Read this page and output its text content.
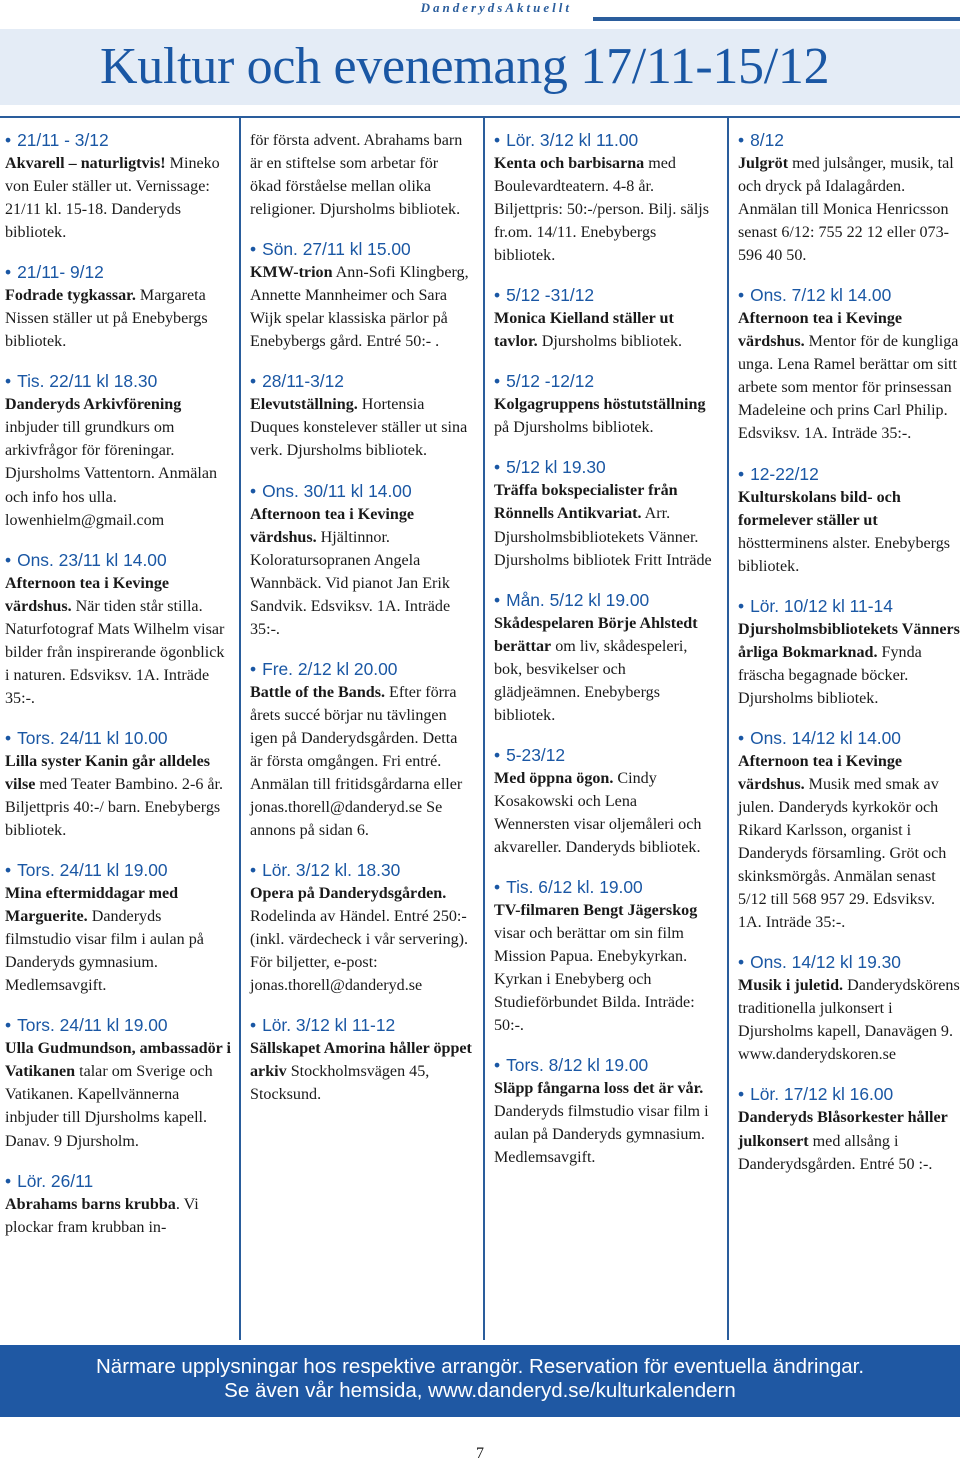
DanderydsAktuellt
Kultur och evenemang 17/11-15/12
• 21/11 - 3/12
Akvarell – naturligtvis! Mineko von Euler ställer ut. Vernissage: 21/11 kl. 15-18. Danderyds bibliotek.
• 21/11- 9/12
Fodrade tygkassar. Margareta Nissen ställer ut på Enebybergs bibliotek.
• Tis. 22/11 kl 18.30
Danderyds Arkivförening inbjuder till grundkurs om arkivfrågor för föreningar. Djursholms Vattentorn. Anmälan och info hos ulla. lowenhielm@gmail.com
• Ons. 23/11 kl 14.00
Afternoon tea i Kevinge värdshus. När tiden står stilla. Naturfotograf Mats Wilhelm visar bilder från inspirerande ögonblick i naturen. Edsviksv. 1A. Inträde 35:-.
• Tors. 24/11 kl 10.00
Lilla syster Kanin går alldeles vilse med Teater Bambino. 2-6 år. Biljettpris 40:-/ barn. Enebybergs bibliotek.
• Tors. 24/11 kl 19.00
Mina eftermiddagar med Marguerite. Danderyds filmstudio visar film i aulan på Danderyds gymnasium. Medlemsavgift.
• Tors. 24/11 kl 19.00
Ulla Gudmundson, ambassadör i Vatikanen talar om Sverige och Vatikanen. Kapellvännerna inbjuder till Djursholms kapell. Danav. 9 Djursholm.
• Lör. 26/11
Abrahams barns krubba. Vi plockar fram krubban in-
för första advent. Abrahams barn är en stiftelse som arbetar för ökad förståelse mellan olika religioner. Djursholms bibliotek.
• Sön. 27/11 kl 15.00
KMW-trion Ann-Sofi Klingberg, Annette Mannheimer och Sara Wijk spelar klassiska pärlor på Enebybergs gård. Entré 50:- .
• 28/11-3/12
Elevutställning. Hortensia Duques konstelever ställer ut sina verk. Djursholms bibliotek.
• Ons. 30/11 kl 14.00
Afternoon tea i Kevinge värdshus. Hjältinnor. Koloratursopranen Angela Wannbäck. Vid pianot Jan Erik Sandvik. Edsviksv. 1A. Inträde 35:-.
• Fre. 2/12 kl 20.00
Battle of the Bands. Efter förra årets succé börjar nu tävlingen igen på Danderydsgården. Detta är första omgången. Fri entré. Anmälan till fritidsgårdarna eller jonas.thorell@danderyd.se Se annons på sidan 6.
• Lör. 3/12 kl. 18.30
Opera på Danderydsgården. Rodelinda av Händel. Entré 250:- (inkl. värdecheck i vår servering). För biljetter, e-post: jonas.thorell@danderyd.se
• Lör. 3/12 kl 11-12
Sällskapet Amorina håller öppet arkiv Stockholmsvägen 45, Stocksund.
• Lör. 3/12 kl 11.00
Kenta och barbisarna med Boulevardteatern. 4-8 år. Biljettpris: 50:-/person. Bilj. säljs fr.om. 14/11. Enebybergs bibliotek.
• 5/12 -31/12
Monica Kielland ställer ut tavlor. Djursholms bibliotek.
• 5/12 -12/12
Kolgagruppens höstutställning på Djursholms bibliotek.
• 5/12 kl 19.30
Träffa bokspecialister från Rönnells Antikvariat. Arr. Djursholmsbibliotekets Vänner. Djursholms bibliotek Fritt Inträde
• Mån. 5/12 kl 19.00
Skådespelaren Börje Ahlstedt berättar om liv, skådespeleri, bok, besvikelser och glädjeämnen. Enebybergs bibliotek.
• 5-23/12
Med öppna ögon. Cindy Kosakowski och Lena Wennersten visar oljemåleri och akvareller. Danderyds bibliotek.
• Tis. 6/12 kl. 19.00
TV-filmaren Bengt Jägerskog visar och berättar om sin film Mission Papua. Enebykyrkan. Kyrkan i Enebyberg och Studieförbundet Bilda. Inträde: 50:-.
• Tors. 8/12 kl 19.00
Släpp fångarna loss det är vår. Danderyds filmstudio visar film i aulan på Danderyds gymnasium. Medlemsavgift.
• 8/12
Julgröt med julsånger, musik, tal och dryck på Idalagården. Anmälan till Monica Henricsson senast 6/12: 755 22 12 eller 073-596 40 50.
• Ons. 7/12 kl 14.00
Afternoon tea i Kevinge värdshus. Mentor för de kungliga unga. Lena Ramel berättar om sitt arbete som mentor för prinsessan Madeleine och prins Carl Philip. Edsviksv. 1A. Inträde 35:-.
• 12-22/12
Kulturskolans bild- och formelever ställer ut höstterminens alster. Enebybergs bibliotek.
• Lör. 10/12 kl 11-14
Djursholmsbibliotekets Vänners årliga Bokmarknad. Fynda fräscha begagnade böcker. Djursholms bibliotek.
• Ons. 14/12 kl 14.00
Afternoon tea i Kevinge värdshus. Musik med smak av julen. Danderyds kyrkokör och Rikard Karlsson, organist i Danderyds församling. Gröt och skinksmörgås. Anmälan senast 5/12 till 568 957 29. Edsviksv. 1A. Inträde 35:-.
• Ons. 14/12 kl 19.30
Musik i juletid. Danderydskörens traditionella julkonsert i Djursholms kapell, Danavägen 9. www.danderydskoren.se
• Lör. 17/12 kl 16.00
Danderyds Blåsorkester håller julkonsert med allsång i Danderydsgården. Entré 50 :-.
Närmare upplysningar hos respektive arrangör. Reservation för eventuella ändringar.
Se även vår hemsida, www.danderyd.se/kulturkalendern
7
